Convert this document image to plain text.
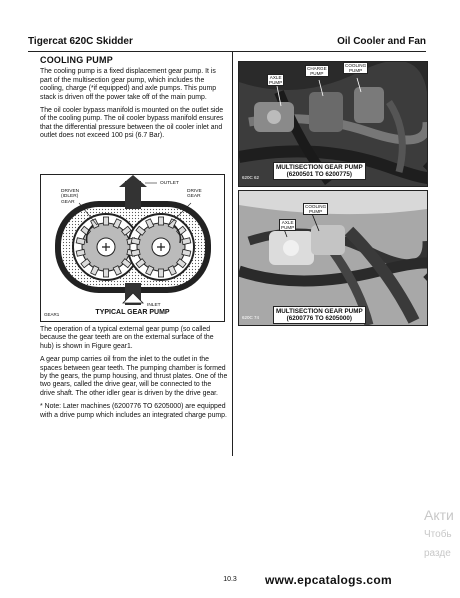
Tigercat 620C Skidder	Oil Cooler and Fan
COOLING PUMP

The cooling pump is a fixed displacement gear pump. It is part of the multisection gear pump, which includes the cooling, charge (*if equipped) and axle pumps. This pump stack is driven off the power take off of the main pump.

The oil cooler bypass manifold is mounted on the outlet side of the cooling pump. The oil cooler bypass manifold ensures that the differential pressure between the oil cooler inlet and outlet does not exceed 100 psi (6.7 Bar).

OUTLET
DRIVEN
(IDLER)
GEAR
DRIVE
GEAR
INLET
TYPICAL GEAR PUMP
GEAR1

The operation of a typical external gear pump (so called because the gear teeth are on the external surface of the hub) is shown in Figure gear1.

A gear pump carries oil from the inlet to the outlet in the spaces between gear teeth. The pumping chamber is formed by the gears, the pump housing, and thrust plates. One of the two gears, called the drive gear, will be connected to the drive shaft. The other idler gear is driven by the drive gear.

* Note: Later machines (6200776 TO 6205000) are equipped with a drive pump which includes an integrated charge pump.

AXLE
PUMP
CHARGE
PUMP
COOLING
PUMP
MULTISECTION GEAR PUMP
(6200501 TO 6200775)
620C 62
AXLE
PUMP
COOLING
PUMP
MULTISECTION GEAR PUMP
(6200776 TO 6205000)
620C 74
Акти
Чтобь
разде
10.3	www.epcatalogs.com
